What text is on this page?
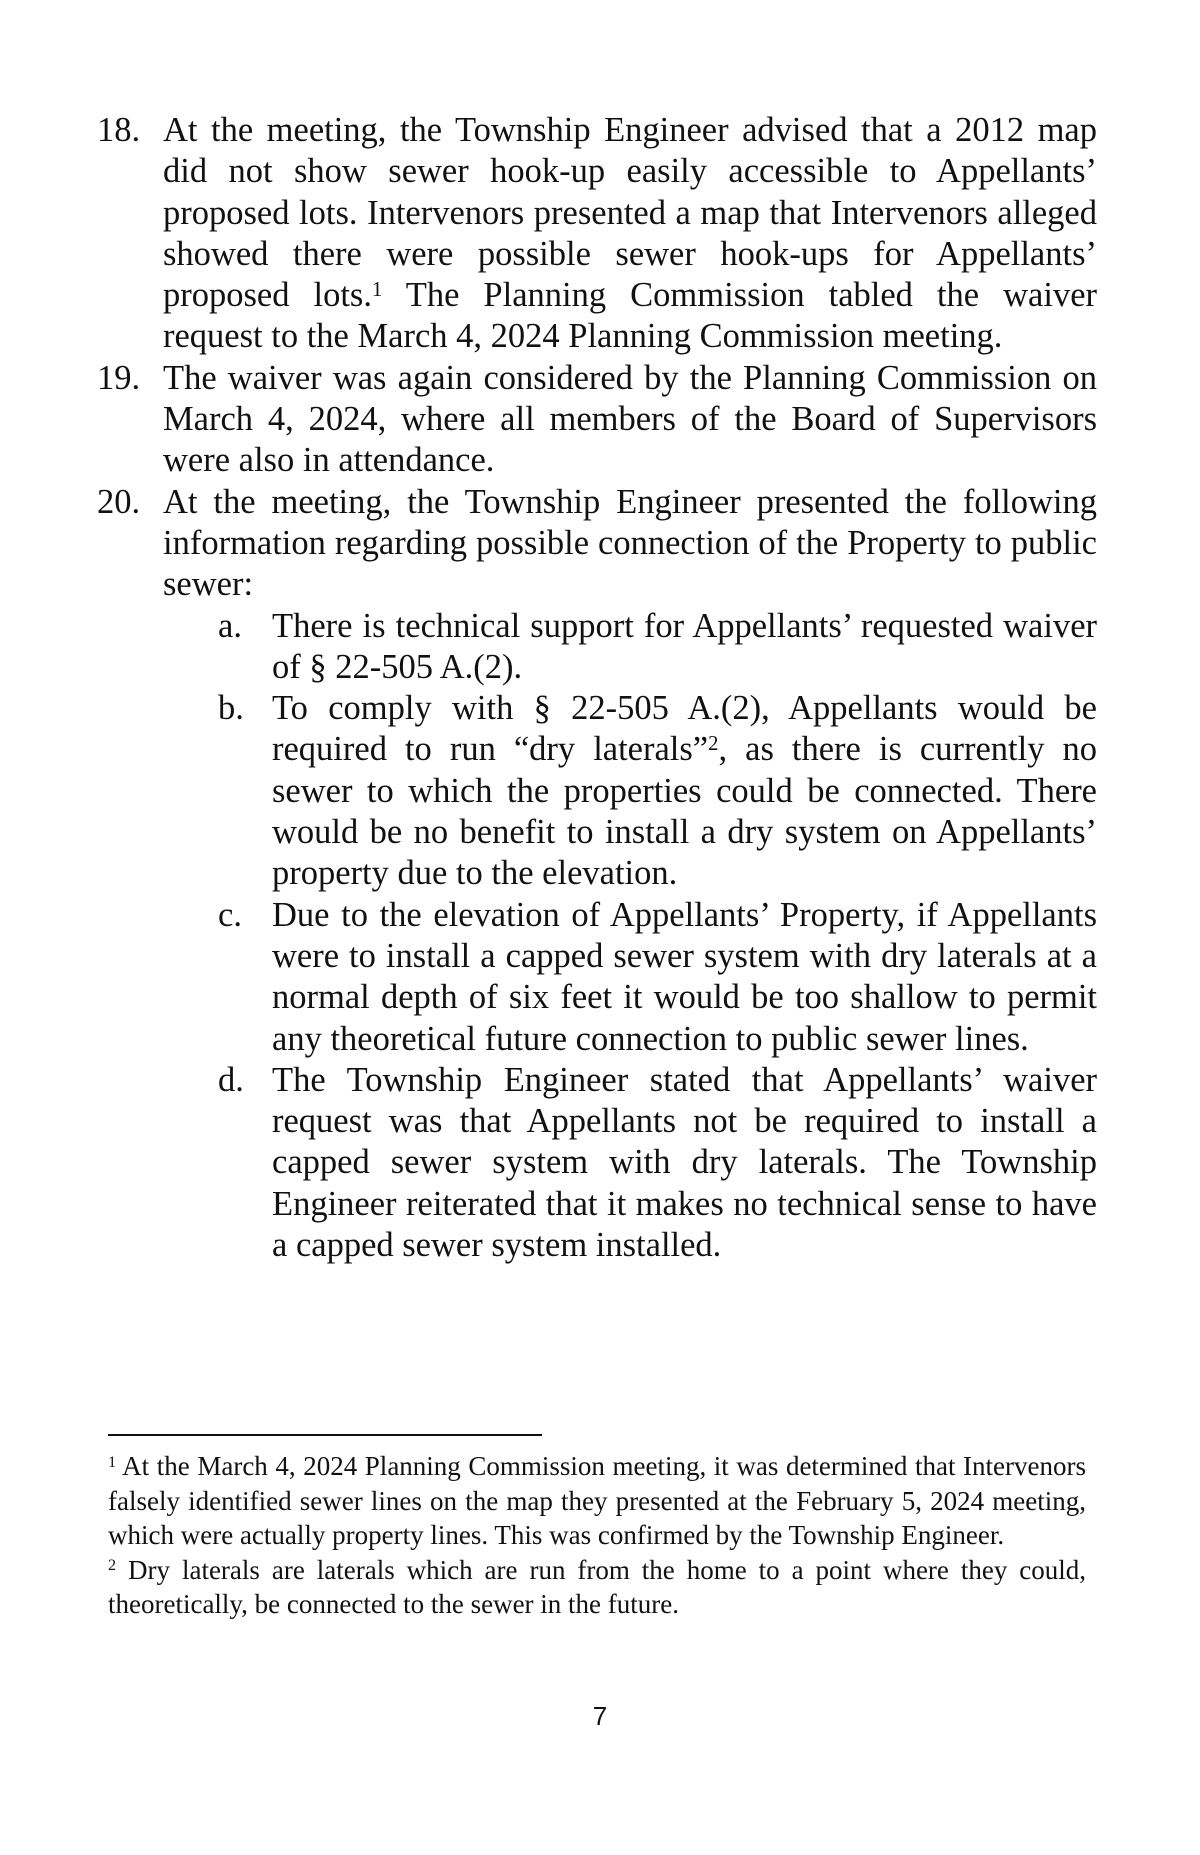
18. At the meeting, the Township Engineer advised that a 2012 map did not show sewer hook-up easily accessible to Appellants’ proposed lots. Intervenors presented a map that Intervenors alleged showed there were possible sewer hook-ups for Appellants’ proposed lots.$^1$ The Planning Commission tabled the waiver request to the March 4, 2024 Planning Commission meeting.

19. The waiver was again considered by the Planning Commission on March 4, 2024, where all members of the Board of Supervisors were also in attendance.

20. At the meeting, the Township Engineer presented the following information regarding possible connection of the Property to public sewer:

a. There is technical support for Appellants’ requested waiver of § 22-505 A.(2).

b. To comply with § 22-505 A.(2), Appellants would be required to run “dry laterals”$^2$, as there is currently no sewer to which the properties could be connected. There would be no benefit to install a dry system on Appellants’ property due to the elevation.

c. Due to the elevation of Appellants’ Property, if Appellants were to install a capped sewer system with dry laterals at a normal depth of six feet it would be too shallow to permit any theoretical future connection to public sewer lines.

d. The Township Engineer stated that Appellants’ waiver request was that Appellants not be required to install a capped sewer system with dry laterals. The Township Engineer reiterated that it makes no technical sense to have a capped sewer system installed.

$^1$ At the March 4, 2024 Planning Commission meeting, it was determined that Intervenors falsely identified sewer lines on the map they presented at the February 5, 2024 meeting, which were actually property lines. This was confirmed by the Township Engineer.

$^2$ Dry laterals are laterals which are run from the home to a point where they could, theoretically, be connected to the sewer in the future.

7
